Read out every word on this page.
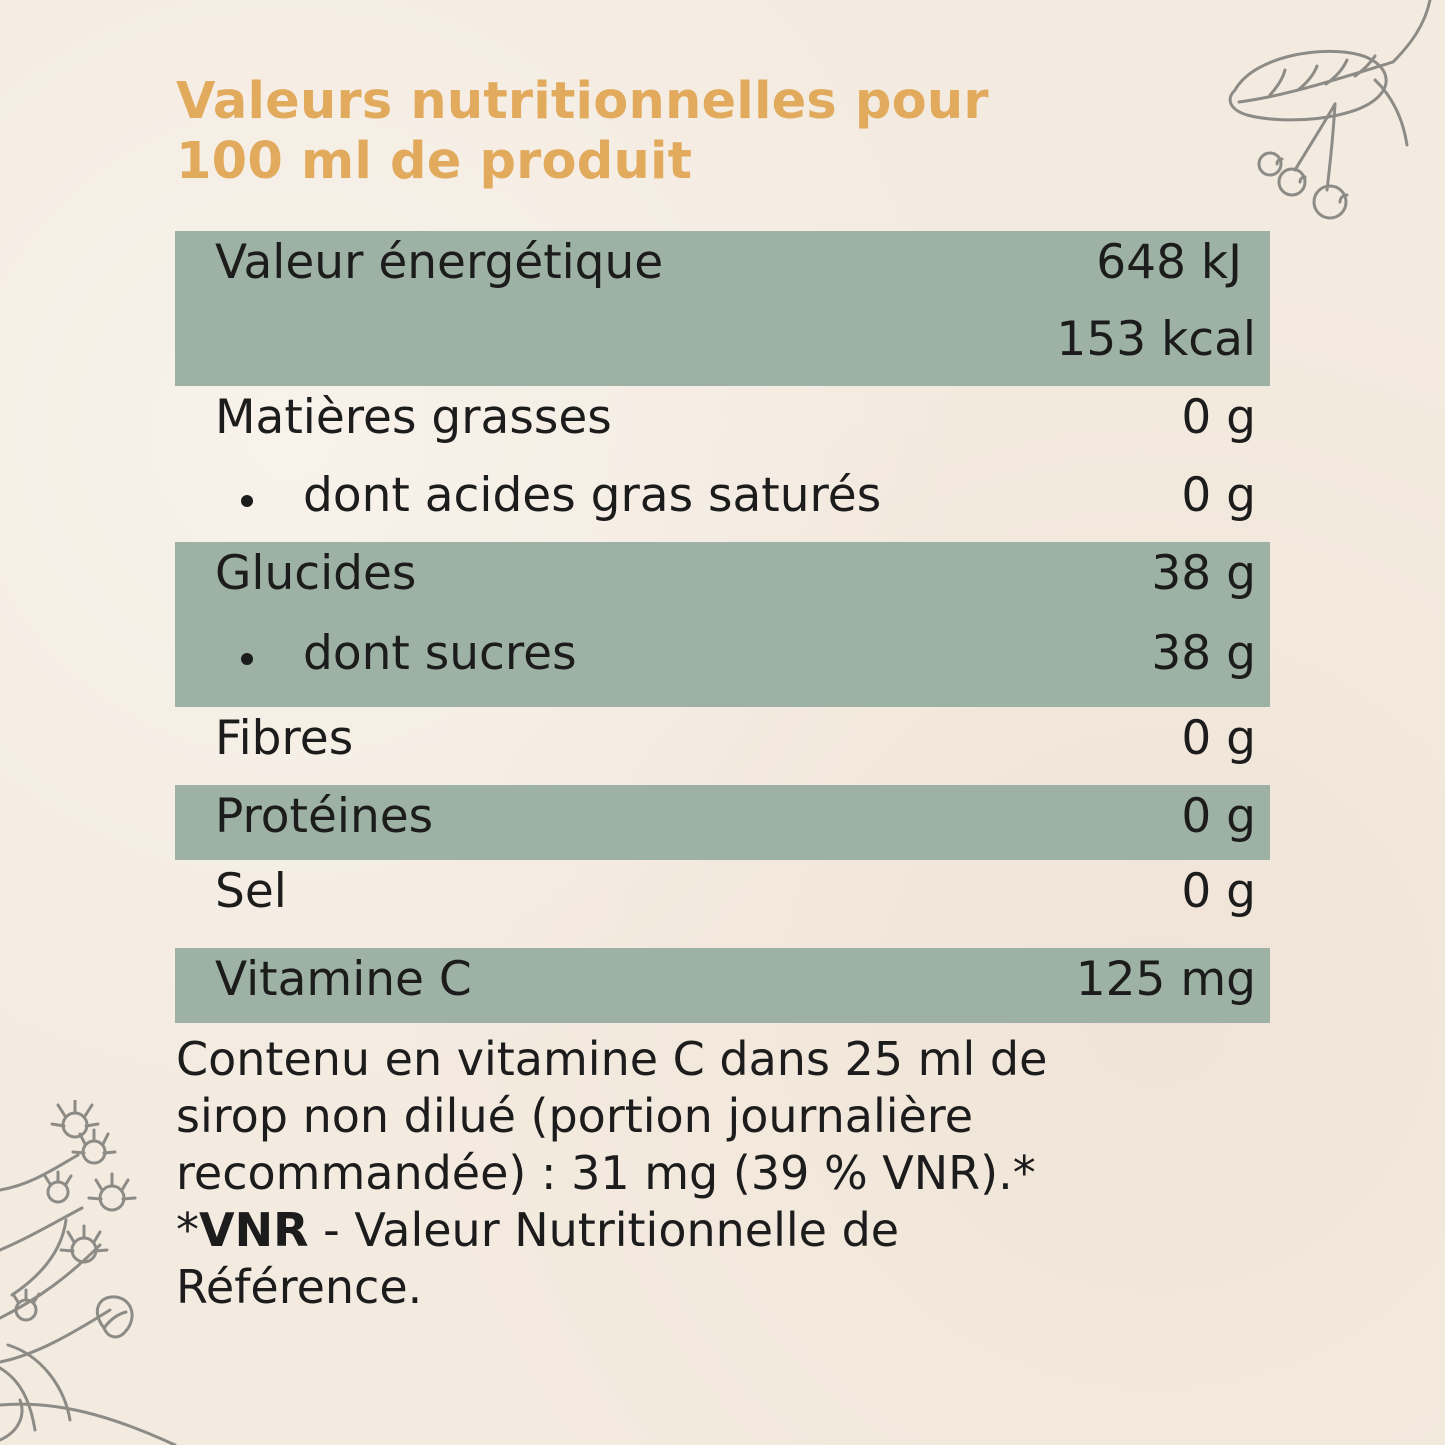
Valeurs nutritionnelles pour
100 ml de produit
Valeur énergétique	648 kJ
153 kcal
Matières grasses	0 g
dont acides gras saturés	0 g
Glucides	38 g
dont sucres	38 g
Fibres	0 g
Protéines	0 g
Sel	0 g
Vitamine C	125 mg
Contenu en vitamine C dans 25 ml de
sirop non dilué (portion journalière
recommandée) : 31 mg (39 % VNR).*
*VNR - Valeur Nutritionnelle de
Référence.
